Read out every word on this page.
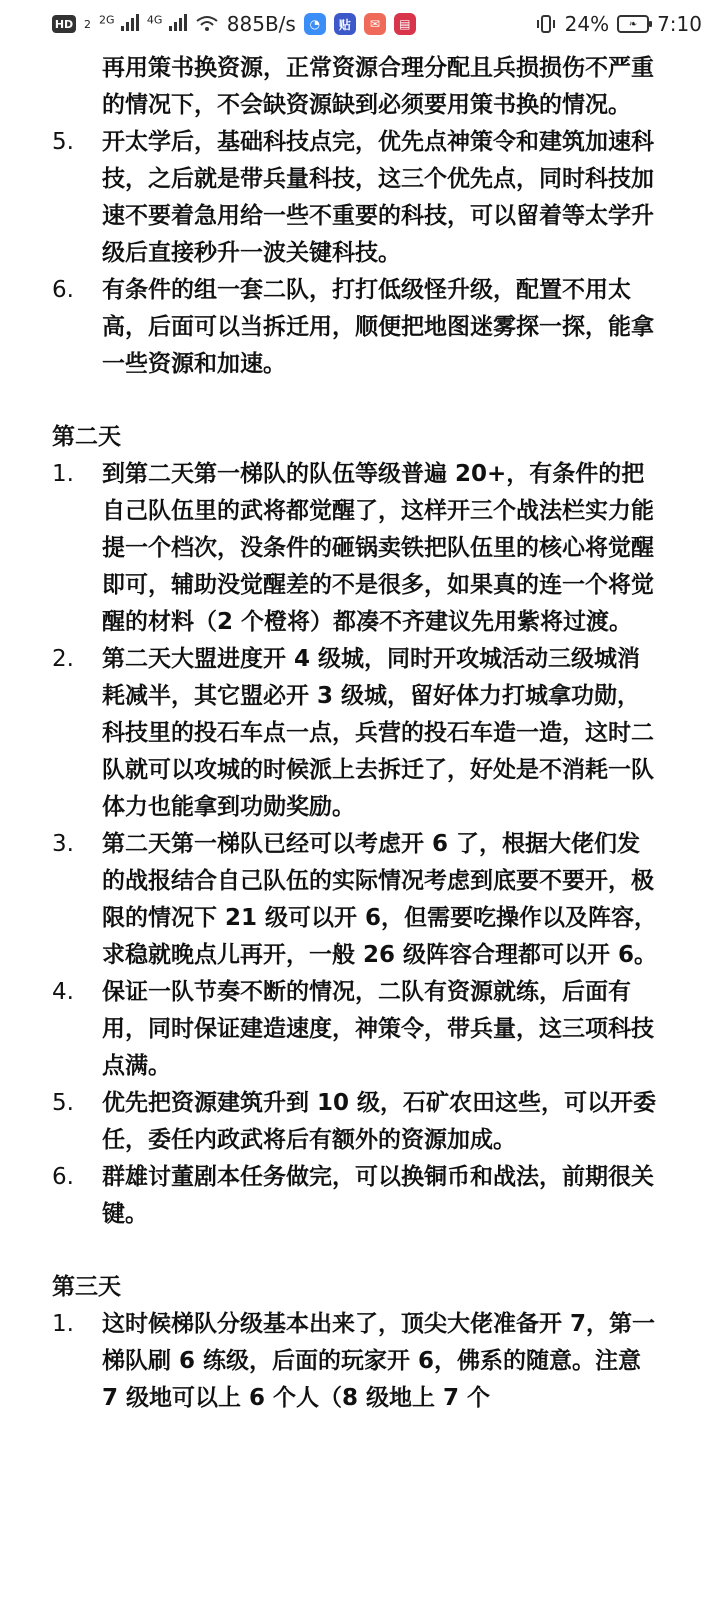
HD 2 $^{2G}$	$^{4G}$	885B/s	◔	贴	✉	▤	24%	❧ 7:10
再用策书换资源，正常资源合理分配且兵损损伤不严重的情况下，不会缺资源缺到必须要用策书换的情况。
5.	开太学后，基础科技点完，优先点神策令和建筑加速科技，之后就是带兵量科技，这三个优先点，同时科技加速不要着急用给一些不重要的科技，可以留着等太学升级后直接秒升一波关键科技。
6.	有条件的组一套二队，打打低级怪升级，配置不用太高，后面可以当拆迁用，顺便把地图迷雾探一探，能拿一些资源和加速。
第二天
1.	到第二天第一梯队的队伍等级普遍 20+，有条件的把自己队伍里的武将都觉醒了，这样开三个战法栏实力能提一个档次，没条件的砸锅卖铁把队伍里的核心将觉醒即可，辅助没觉醒差的不是很多，如果真的连一个将觉醒的材料（2 个橙将）都凑不齐建议先用紫将过渡。
2.	第二天大盟进度开 4 级城，同时开攻城活动三级城消耗减半，其它盟必开 3 级城，留好体力打城拿功勋，科技里的投石车点一点，兵营的投石车造一造，这时二队就可以攻城的时候派上去拆迁了，好处是不消耗一队体力也能拿到功勋奖励。
3.	第二天第一梯队已经可以考虑开 6 了，根据大佬们发的战报结合自己队伍的实际情况考虑到底要不要开，极限的情况下 21 级可以开 6，但需要吃操作以及阵容，求稳就晚点儿再开，一般 26 级阵容合理都可以开 6。
4.	保证一队节奏不断的情况，二队有资源就练，后面有用，同时保证建造速度，神策令，带兵量，这三项科技点满。
5.	优先把资源建筑升到 10 级，石矿农田这些，可以开委任，委任内政武将后有额外的资源加成。
6.	群雄讨董剧本任务做完，可以换铜币和战法，前期很关键。
第三天
1.	这时候梯队分级基本出来了，顶尖大佬准备开 7，第一梯队刷 6 练级，后面的玩家开 6，佛系的随意。注意 7 级地可以上 6 个人（8 级地上 7 个
